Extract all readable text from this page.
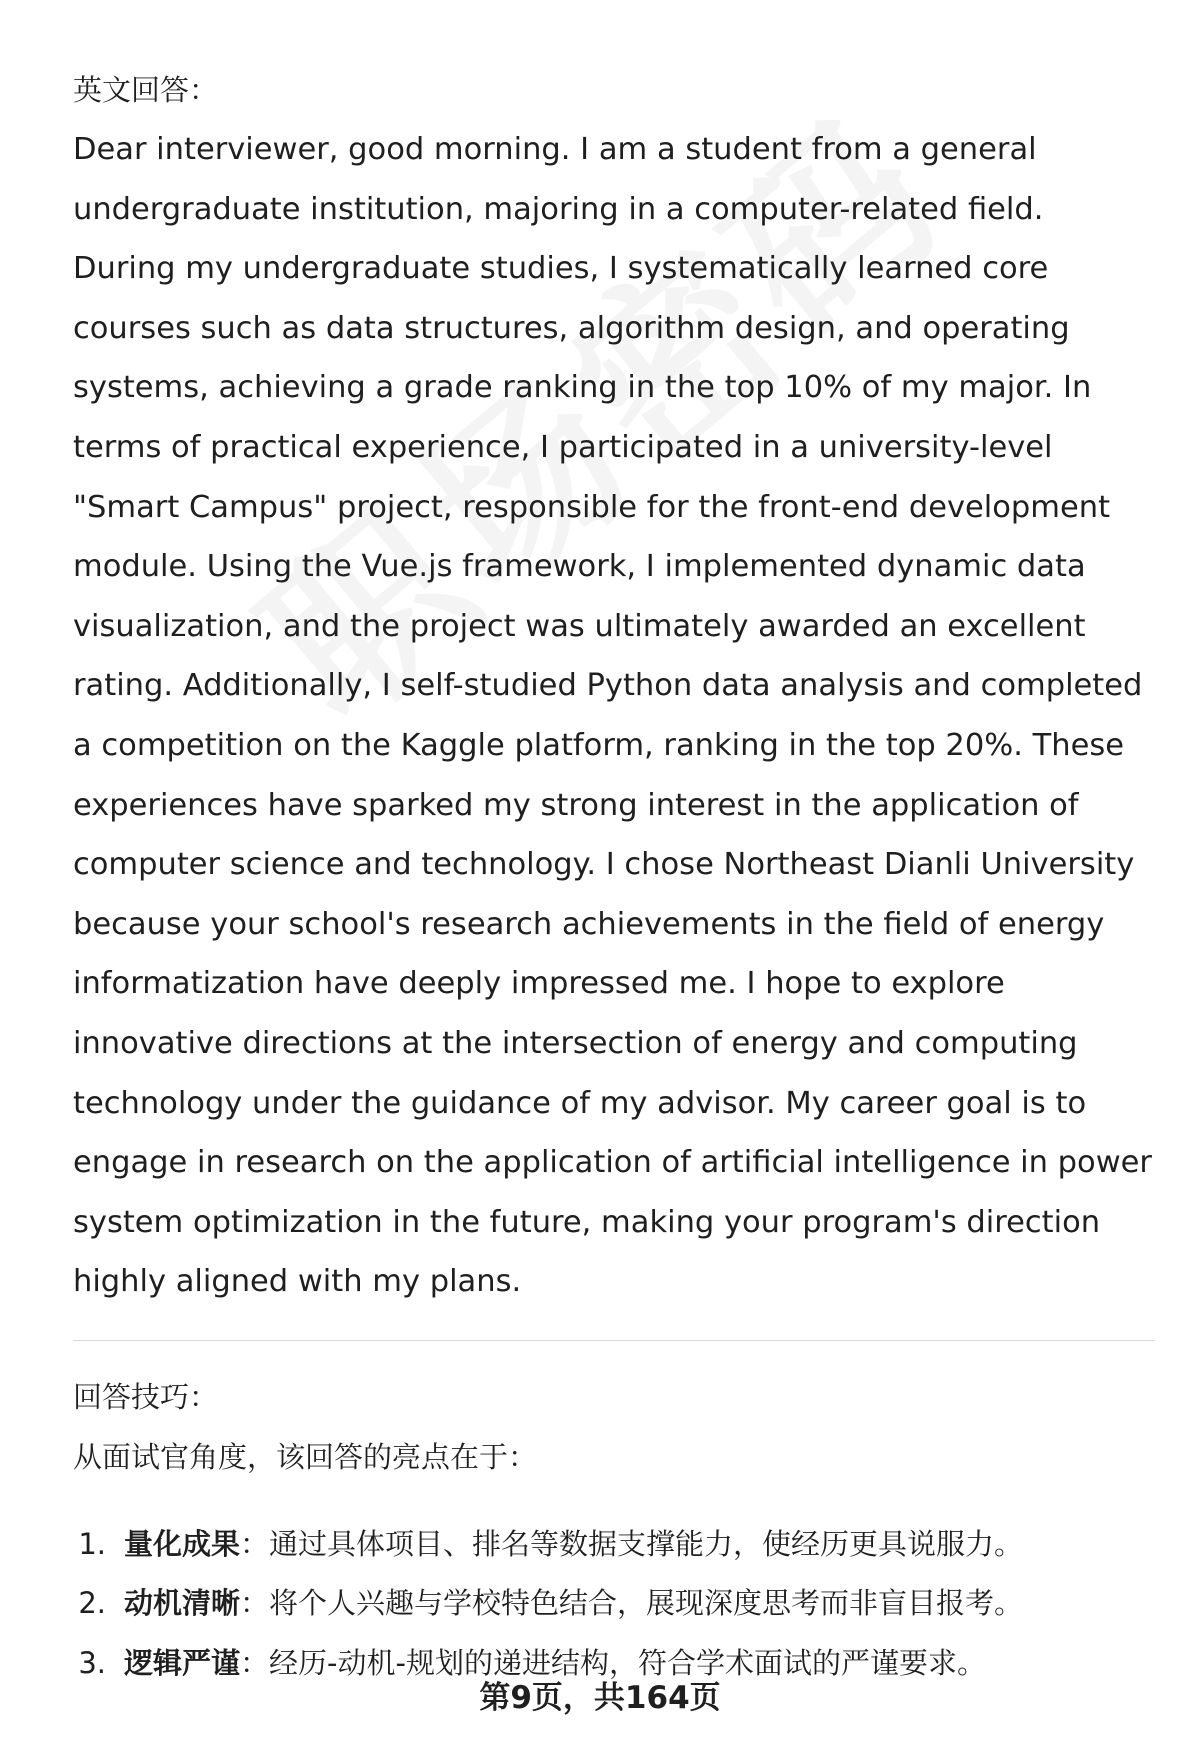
英文回答：

Dear interviewer, good morning. I am a student from a general undergraduate institution, majoring in a computer-related field. During my undergraduate studies, I systematically learned core courses such as data structures, algorithm design, and operating systems, achieving a grade ranking in the top 10% of my major. In terms of practical experience, I participated in a university-level "Smart Campus" project, responsible for the front-end development module. Using the Vue.js framework, I implemented dynamic data visualization, and the project was ultimately awarded an excellent rating. Additionally, I self-studied Python data analysis and completed a competition on the Kaggle platform, ranking in the top 20%. These experiences have sparked my strong interest in the application of computer science and technology. I chose Northeast Dianli University because your school's research achievements in the field of energy informatization have deeply impressed me. I hope to explore innovative directions at the intersection of energy and computing technology under the guidance of my advisor. My career goal is to engage in research on the application of artificial intelligence in power system optimization in the future, making your program's direction highly aligned with my plans.

回答技巧：

从面试官角度，该回答的亮点在于：

1. 量化成果：通过具体项目、排名等数据支撑能力，使经历更具说服力。
2. 动机清晰：将个人兴趣与学校特色结合，展现深度思考而非盲目报考。
3. 逻辑严谨：经历-动机-规划的递进结构，符合学术面试的严谨要求。
第9页，共164页
